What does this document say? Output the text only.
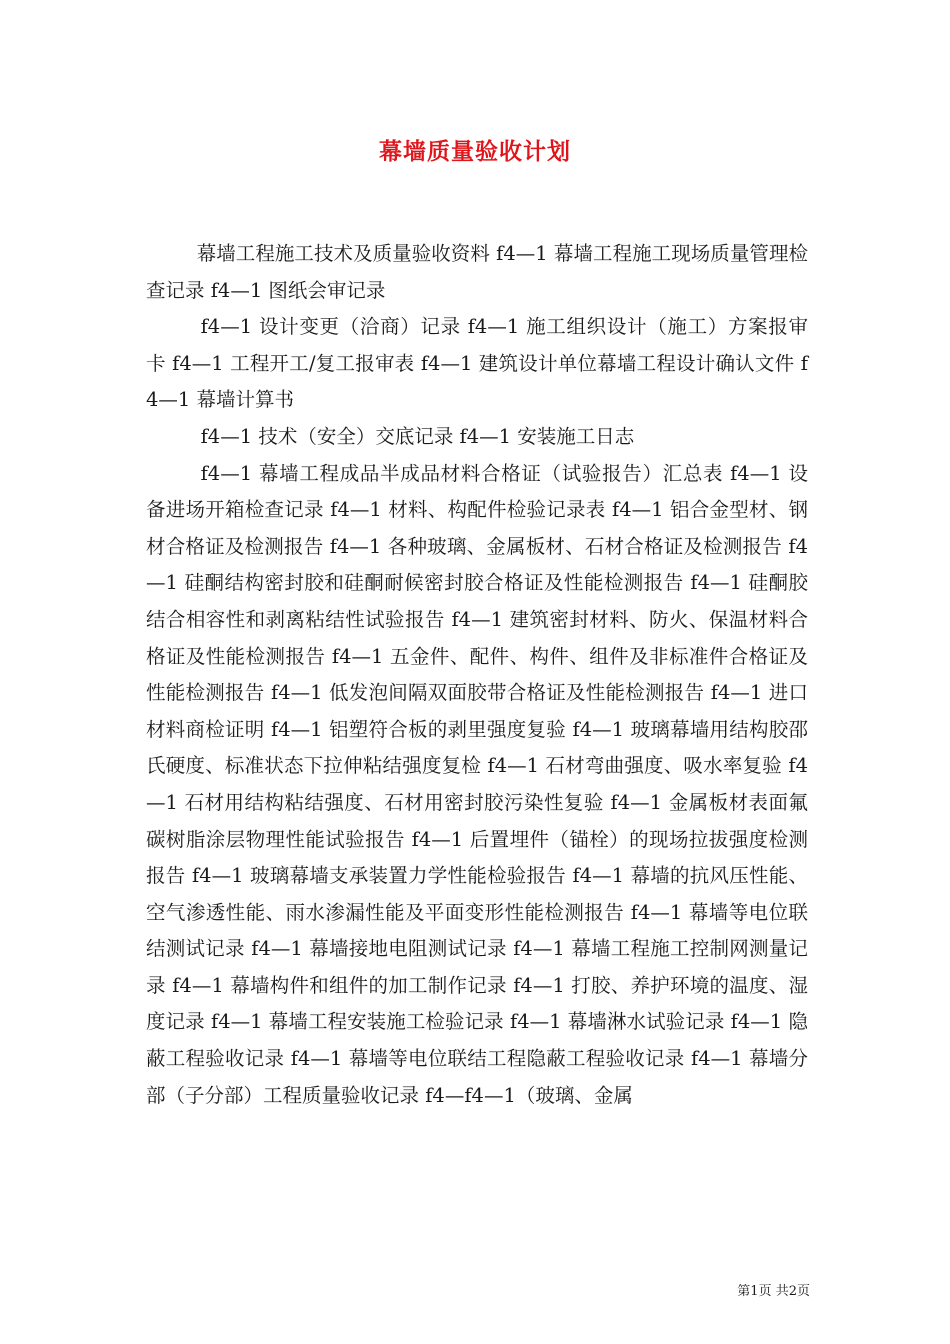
幕墙质量验收计划

幕墙工程施工技术及质量验收资料 f4—1 幕墙工程施工现场质量管理检查记录 f4—1 图纸会审记录

f4—1 设计变更（洽商）记录 f4—1 施工组织设计（施工）方案报审卡 f4—1 工程开工/复工报审表 f4—1 建筑设计单位幕墙工程设计确认文件 f4—1 幕墙计算书

f4—1 技术（安全）交底记录 f4—1 安装施工日志

f4—1 幕墙工程成品半成品材料合格证（试验报告）汇总表 f4—1 设备进场开箱检查记录 f4—1 材料、构配件检验记录表 f4—1 铝合金型材、钢材合格证及检测报告 f4—1 各种玻璃、金属板材、石材合格证及检测报告 f4—1 硅酮结构密封胶和硅酮耐候密封胶合格证及性能检测报告 f4—1 硅酮胶结合相容性和剥离粘结性试验报告 f4—1 建筑密封材料、防火、保温材料合格证及性能检测报告 f4—1 五金件、配件、构件、组件及非标准件合格证及性能检测报告 f4—1 低发泡间隔双面胶带合格证及性能检测报告 f4—1 进口材料商检证明 f4—1 铝塑符合板的剥里强度复验 f4—1 玻璃幕墙用结构胶邵氏硬度、标准状态下拉伸粘结强度复检 f4—1 石材弯曲强度、吸水率复验 f4—1 石材用结构粘结强度、石材用密封胶污染性复验 f4—1 金属板材表面氟碳树脂涂层物理性能试验报告 f4—1 后置埋件（锚栓）的现场拉拔强度检测报告 f4—1 玻璃幕墙支承装置力学性能检验报告 f4—1 幕墙的抗风压性能、空气渗透性能、雨水渗漏性能及平面变形性能检测报告 f4—1 幕墙等电位联结测试记录 f4—1 幕墙接地电阻测试记录 f4—1 幕墙工程施工控制网测量记录 f4—1 幕墙构件和组件的加工制作记录 f4—1 打胶、养护环境的温度、湿度记录 f4—1 幕墙工程安装施工检验记录 f4—1 幕墙淋水试验记录 f4—1 隐蔽工程验收记录 f4—1 幕墙等电位联结工程隐蔽工程验收记录 f4—1 幕墙分部（子分部）工程质量验收记录 f4—f4—1（玻璃、金属

第1页 共2页
